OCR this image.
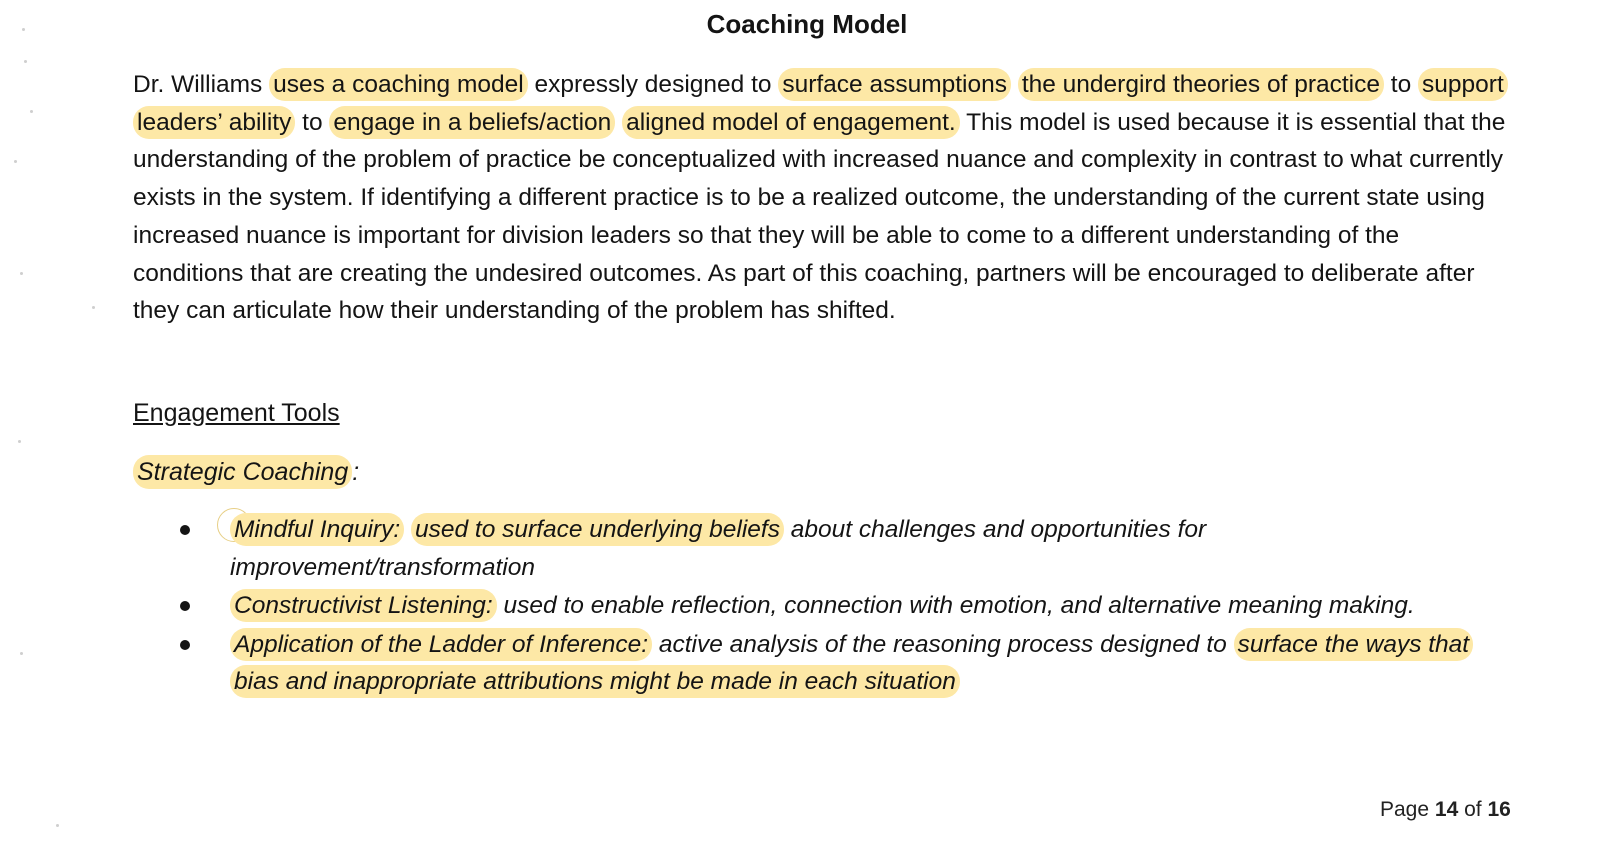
Coaching Model

Dr. Williams uses a coaching model expressly designed to surface assumptions the undergird theories of practice to support leaders’ ability to engage in a beliefs/action aligned model of engagement. This model is used because it is essential that the understanding of the problem of practice be conceptualized with increased nuance and complexity in contrast to what currently exists in the system. If identifying a different practice is to be a realized outcome, the understanding of the current state using increased nuance is important for division leaders so that they will be able to come to a different understanding of the conditions that are creating the undesired outcomes. As part of this coaching, partners will be encouraged to deliberate after they can articulate how their understanding of the problem has shifted.

Engagement Tools
Strategic Coaching :
Mindful Inquiry: used to surface underlying beliefs about challenges and opportunities for improvement/transformation
Constructivist Listening: used to enable reflection, connection with emotion, and alternative meaning making.
Application of the Ladder of Inference: active analysis of the reasoning process designed to surface the ways that bias and inappropriate attributions might be made in each situation
Page 14 of 16
